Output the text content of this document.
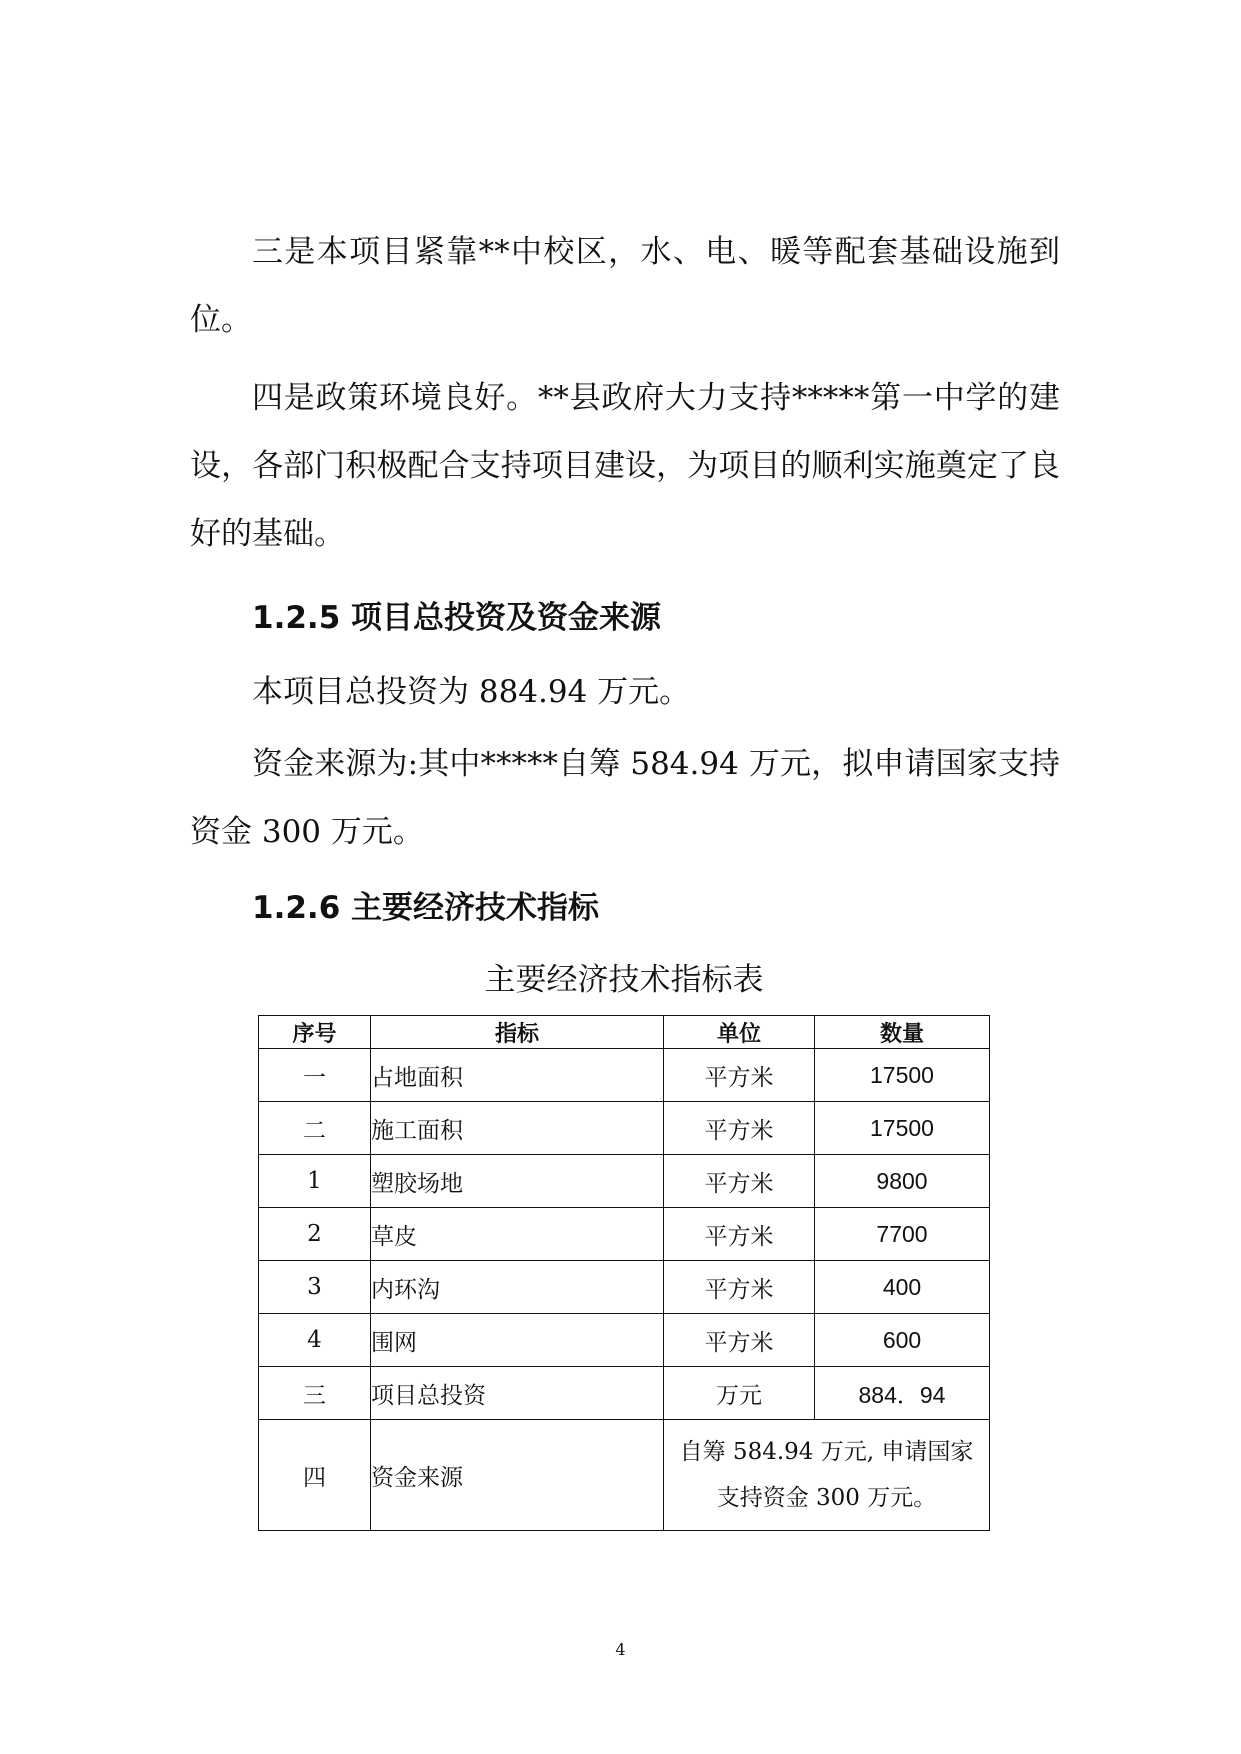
三是本项目紧靠**中校区，水、电、暖等配套基础设施到位。

四是政策环境良好。**县政府大力支持*****第一中学的建设，各部门积极配合支持项目建设，为项目的顺利实施奠定了良好的基础。

1.2.5 项目总投资及资金来源

本项目总投资为 884.94 万元。

资金来源为:其中*****自筹 584.94 万元，拟申请国家支持资金 300 万元。

1.2.6 主要经济技术指标

主要经济技术指标表

序号	指标	单位	数量
一	占地面积	平方米	17500
二	施工面积	平方米	17500
1	塑胶场地	平方米	9800
2	草皮	平方米	7700
3	内环沟	平方米	400
4	围网	平方米	600
三	项目总投资	万元	884．94
四	资金来源	自筹 584.94 万元, 申请国家支持资金 300 万元。	
4
